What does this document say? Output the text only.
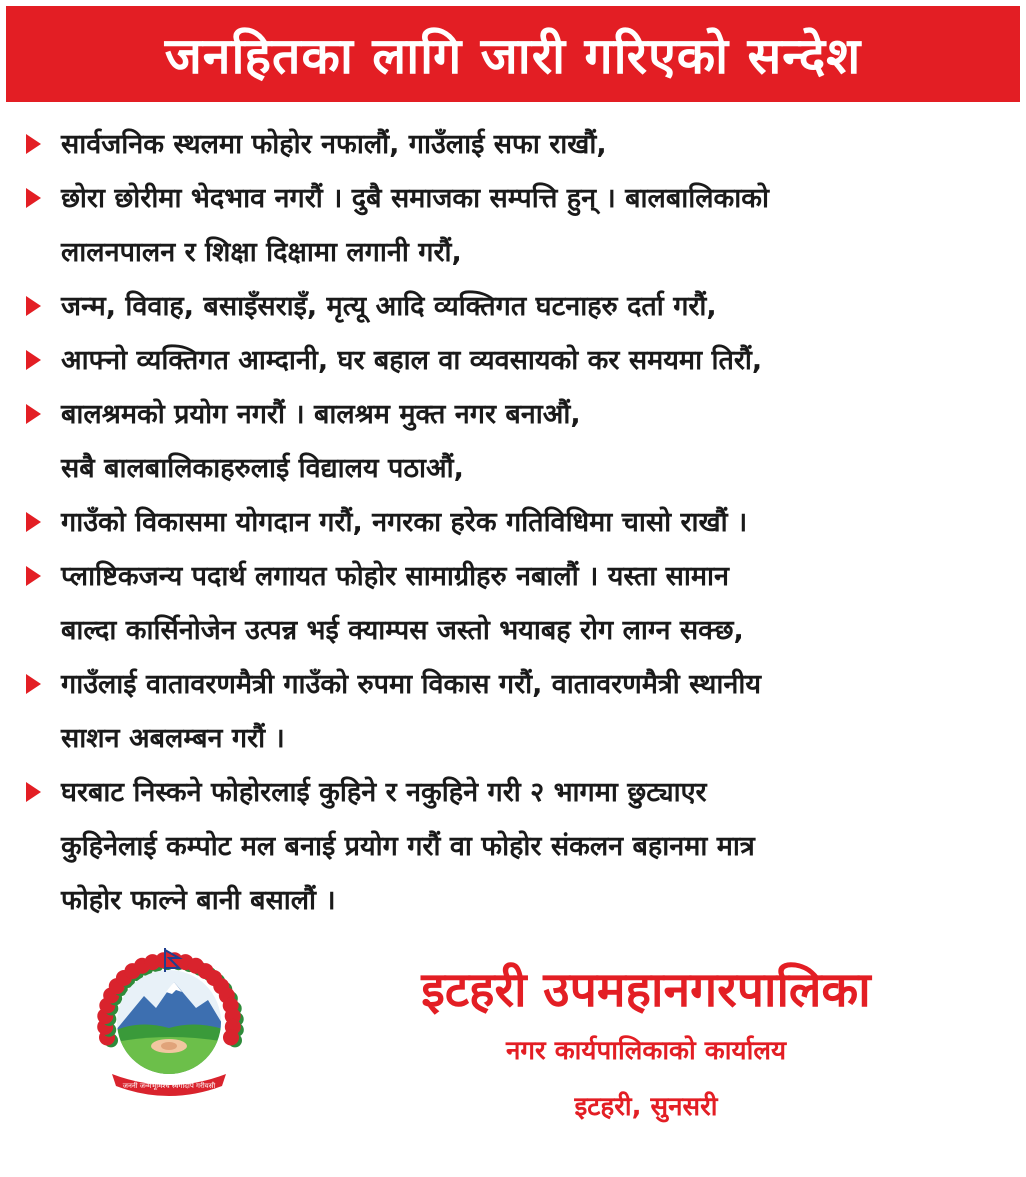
जनहितका लागि जारी गरिएको सन्देश
सार्वजनिक स्थलमा फोहोर नफालौं, गाउँलाई सफा राखौं,
छोरा छोरीमा भेदभाव नगरौं । दुबै समाजका सम्पत्ति हुन् । बालबालिकाको
लालनपालन र शिक्षा दिक्षामा लगानी गरौं,
जन्म, विवाह, बसाइँसराइँ, मृत्यू आदि व्यक्तिगत घटनाहरु दर्ता गरौं,
आफ्नो व्यक्तिगत आम्दानी, घर बहाल वा व्यवसायको कर समयमा तिरौं,
बालश्रमको प्रयोग नगरौं । बालश्रम मुक्त नगर बनाऔं,
सबै बालबालिकाहरुलाई विद्यालय पठाऔं,
गाउँको विकासमा योगदान गरौं, नगरका हरेक गतिविधिमा चासो राखौं ।
प्लाष्टिकजन्य पदार्थ लगायत फोहोर सामाग्रीहरु नबालौं । यस्ता सामान
बाल्दा कार्सिनोजेन उत्पन्न भई क्याम्पस जस्तो भयाबह रोग लाग्न सक्छ,
गाउँलाई वातावरणमैत्री गाउँको रुपमा विकास गरौं, वातावरणमैत्री स्थानीय
साशन अबलम्बन गरौं ।
घरबाट निस्कने फोहोरलाई कुहिने र नकुहिने गरी २ भागमा छुट्याएर
कुहिनेलाई कम्पोट मल बनाई प्रयोग गरौं वा फोहोर संकलन बहानमा मात्र
फोहोर फाल्ने बानी बसालौं ।
जननी जन्मभूमिश्च स्वर्गादपि गरीयसी
इटहरी उपमहानगरपालिका
नगर कार्यपालिकाको कार्यालय
इटहरी, सुनसरी
